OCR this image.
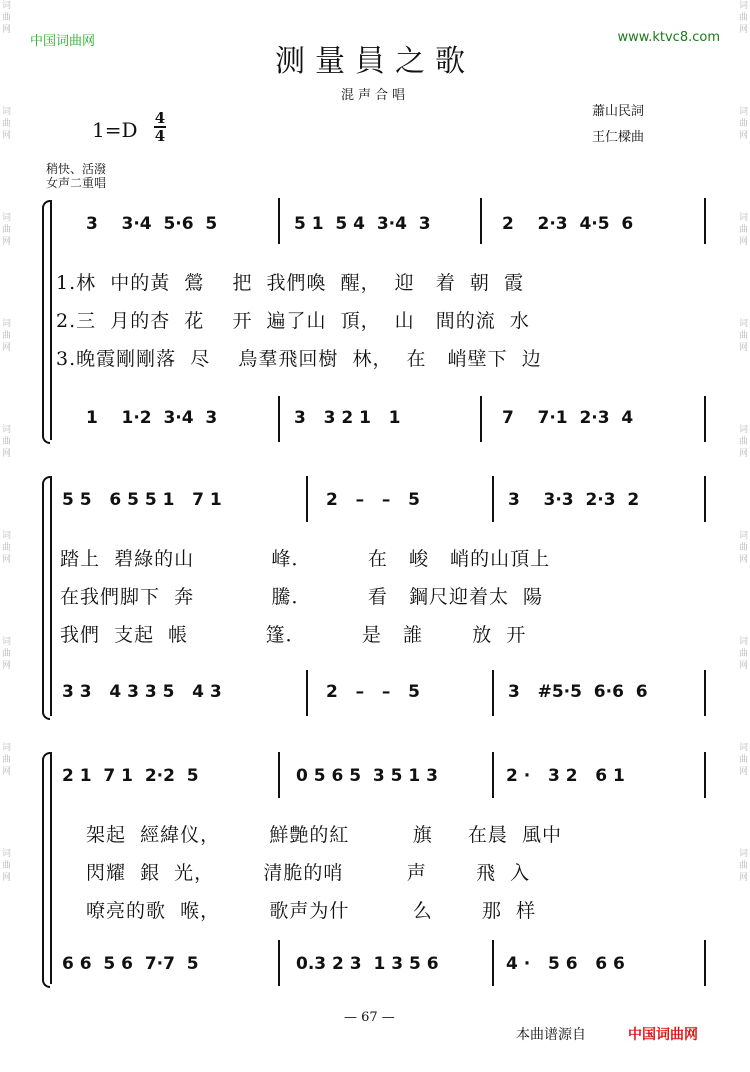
词曲网
词曲网
词曲网
词曲网
词曲网
词曲网
词曲网
词曲网
词曲网
词曲网
词曲网
词曲网
词曲网
词曲网
词曲网
词曲网
词曲网
词曲网
中国词曲网	www.ktvc8.com
测量員之歌
混声合唱
1=D 4
4
蕭山民詞
王仁樑曲
稍快、活潑
女声二重唱
3    3·4  5·6  5	5 1  5 4  3·4  3	2    2·3  4·5  6
1.林  中的黃  鶯    把  我們喚  醒，  迎   着  朝  霞
2.三  月的杏  花    开  遍了山  頂，  山   間的流  水
3.晚霞剛剛落  尽    鳥羣飛回樹  林，  在   峭壁下  边
1    1·2  3·4  3	3   3 2 1   1	7    7·1  2·3  4
5 5   6 5 5 1   7 1	2   –   –   5	3    3·3  2·3  2
踏上  碧綠的山           峰．        在   峻   峭的山頂上
在我們脚下  奔           騰．        看   鋼尺迎着太  陽
我們  支起  帳           篷．        是   誰       放  开
3 3   4 3 3 5   4 3	2   –   –   5	3   #5·5  6·6  6
2 1  7 1  2·2  5	0 5 6 5  3 5 1 3	2 ·   3 2   6 1
架起  經緯仪，       鮮艶的紅         旗     在晨  風中
閃耀  銀  光，       清脆的哨         声       飛  入
嘹亮的歌  喉，       歌声为什         么       那  样
6 6  5 6  7·7  5	0.3 2 3  1 3 5 6	4 ·   5 6   6 6
— 67 —
本曲谱源自	中国词曲网
